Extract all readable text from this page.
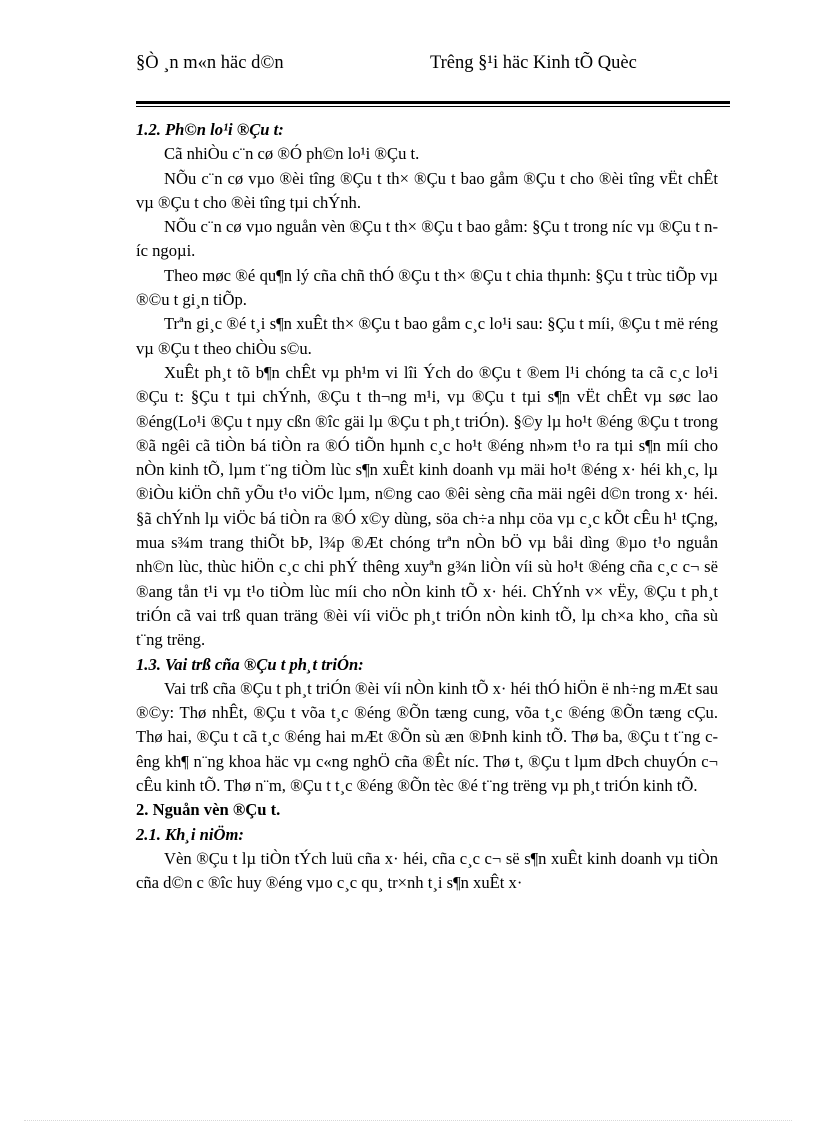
§Ò ¸n m«n häc d©n	Trêng §¹i häc Kinh tÕ Quèc

1.2. Ph©n lo¹i ®Çu t:

Cã nhiÒu c¨n cø ®Ó ph©n lo¹i ®Çu t.

NÕu c¨n cø vµo ®èi tîng ®Çu t th× ®Çu t bao gåm ®Çu t cho ®èi tîng vËt chÊt vµ ®Çu t cho ®èi tîng tµi chÝnh.

NÕu c¨n cø vµo nguån vèn ®Çu t th× ®Çu t bao gåm: §Çu t trong níc vµ ®Çu t níc ngoµi.

Theo møc ®é qu¶n lý cña chñ thÓ ®Çu t th× ®Çu t chia thµnh: §Çu t trùc tiÕp vµ ®©u t gi¸n tiÕp.

Trªn gi¸c ®é t¸i s¶n xuÊt th× ®Çu t bao gåm c¸c lo¹i sau: §Çu t míi, ®Çu t më réng vµ ®Çu t theo chiÒu s©u.

XuÊt ph¸t tõ b¶n chÊt vµ ph¹m vi lîi Ých do ®Çu t ®em l¹i chóng ta cã c¸c lo¹i ®Çu t: §Çu t tµi chÝnh, ®Çu t th¬ng m¹i, vµ ®Çu t tµi s¶n vËt chÊt vµ søc lao ®éng(Lo¹i ®Çu t nµy cßn ®îc gäi lµ ®Çu t ph¸t triÓn). §©y lµ ho¹t ®éng ®Çu t trong ®ã ngêi cã tiÒn bá tiÒn ra ®Ó tiÕn hµnh c¸c ho¹t ®éng nh»m t¹o ra tµi s¶n míi cho nÒn kinh tÕ, lµm t¨ng tiÒm lùc s¶n xuÊt kinh doanh vµ mäi ho¹t ®éng x· héi kh¸c, lµ ®iÒu kiÖn chñ yÕu t¹o viÖc lµm, n©ng cao ®êi sèng cña mäi ngêi d©n trong x· héi. §ã chÝnh lµ viÖc bá tiÒn ra ®Ó x©y dùng, söa ch÷a nhµ cöa vµ c¸c kÕt cÊu h¹ tÇng, mua s¾m trang thiÕt bÞ, l¾p ®Æt chóng trªn nÒn bÖ vµ båi dìng ®µo t¹o nguån nh©n lùc, thùc hiÖn c¸c chi phÝ thêng xuyªn g¾n liÒn víi sù ho¹t ®éng cña c¸c c¬ së ®ang tån t¹i vµ t¹o tiÒm lùc míi cho nÒn kinh tÕ x· héi. ChÝnh v× vËy, ®Çu t ph¸t triÓn cã vai trß quan träng ®èi víi viÖc ph¸t triÓn nÒn kinh tÕ, lµ ch×a kho¸ cña sù t¨ng trëng.

1.3. Vai trß cña ®Çu t ph¸t triÓn:

Vai trß cña ®Çu t ph¸t triÓn ®èi víi nÒn kinh tÕ x· héi thÓ hiÖn ë nh÷ng mÆt sau ®©y: Thø nhÊt, ®Çu t võa t¸c ®éng ®Õn tæng cung, võa t¸c ®éng ®Õn tæng cÇu. Thø hai, ®Çu t cã t¸c ®éng hai mÆt ®Õn sù æn ®Þnh kinh tÕ. Thø ba, ®Çu t t¨ng cêng kh¶ n¨ng khoa häc vµ c«ng nghÖ cña ®Êt níc. Thø t, ®Çu t lµm dÞch chuyÓn c¬ cÊu kinh tÕ. Thø n¨m, ®Çu t t¸c ®éng ®Õn tèc ®é t¨ng trëng vµ ph¸t triÓn kinh tÕ.

2. Nguån vèn ®Çu t.

2.1. Kh¸i niÖm:

Vèn ®Çu t lµ tiÒn tÝch luü cña x· héi, cña c¸c c¬ së s¶n xuÊt kinh doanh vµ tiÒn cña d©n c ®îc huy ®éng vµo c¸c qu¸ tr×nh t¸i s¶n xuÊt x·
